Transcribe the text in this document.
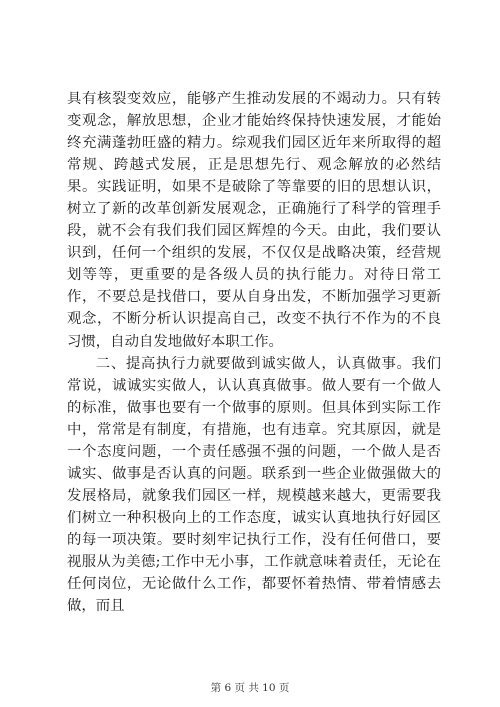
具有核裂变效应，能够产生推动发展的不竭动力。只有转变观念，解放思想，企业才能始终保持快速发展，才能始终充满蓬勃旺盛的精力。综观我们园区近年来所取得的超常规、跨越式发展，正是思想先行、观念解放的必然结果。实践证明，如果不是破除了等靠要的旧的思想认识，树立了新的改革创新发展观念，正确施行了科学的管理手段，就不会有我们我们园区辉煌的今天。由此，我们要认识到，任何一个组织的发展，不仅仅是战略决策，经营规划等等，更重要的是各级人员的执行能力。对待日常工作，不要总是找借口，要从自身出发，不断加强学习更新观念，不断分析认识提高自己，改变不执行不作为的不良习惯，自动自发地做好本职工作。

二、提高执行力就要做到诚实做人，认真做事。我们常说，诚诚实实做人，认认真真做事。做人要有一个做人的标准，做事也要有一个做事的原则。但具体到实际工作中，常常是有制度，有措施，也有违章。究其原因，就是一个态度问题，一个责任感强不强的问题，一个做人是否诚实、做事是否认真的问题。联系到一些企业做强做大的发展格局，就象我们园区一样，规模越来越大，更需要我们树立一种积极向上的工作态度，诚实认真地执行好园区的每一项决策。要时刻牢记执行工作，没有任何借口，要视服从为美德;工作中无小事，工作就意味着责任，无论在任何岗位，无论做什么工作，都要怀着热情、带着情感去做，而且

第 6 页 共 10 页
